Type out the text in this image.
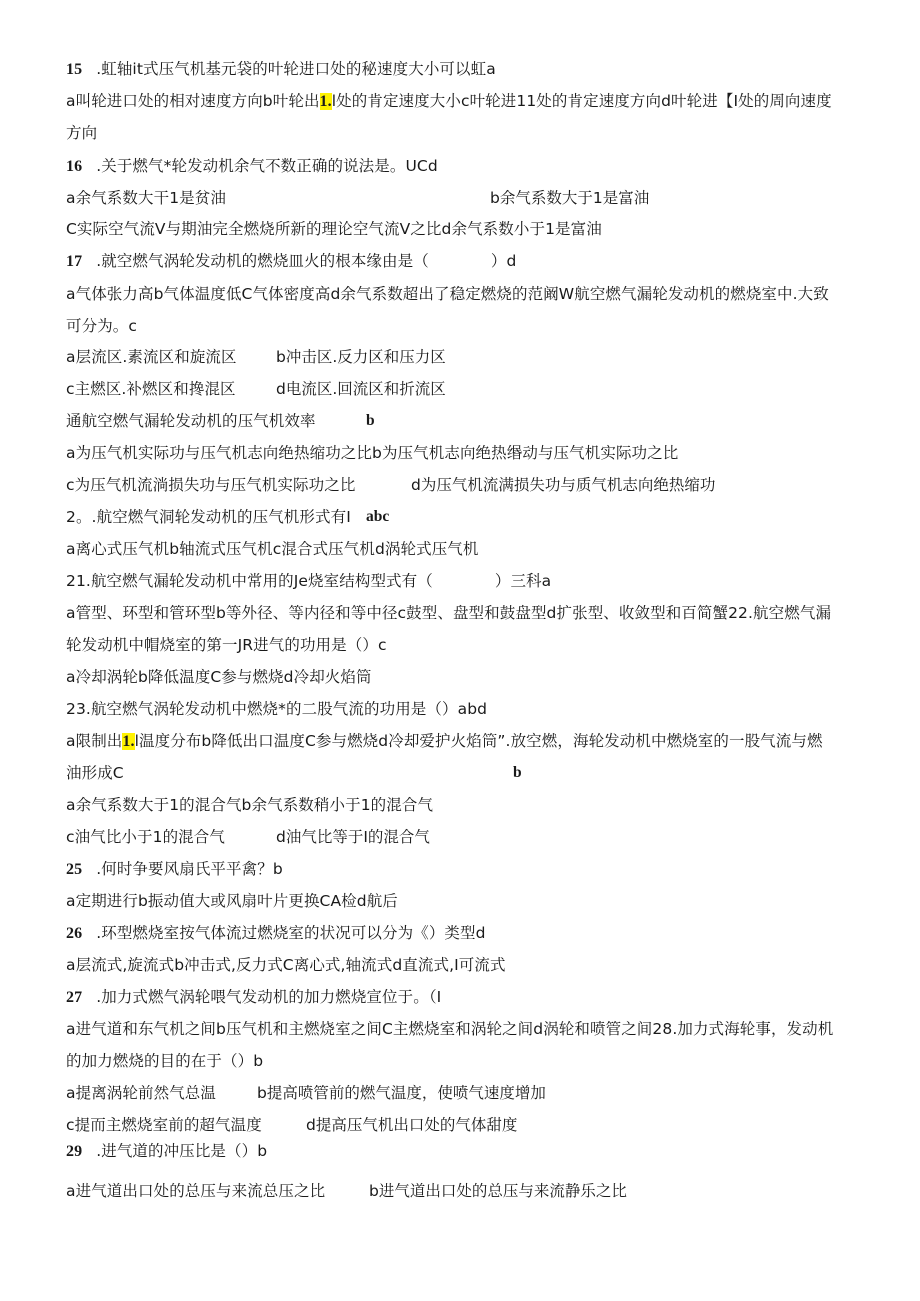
15 .虹轴it式压气机基元袋的叶轮进口处的秘速度大小可以虹a
a叫轮进口处的相对速度方向b叶轮出1.l处的肯定速度大小c叶轮进11处的肯定速度方向d叶轮进【I处的周向速度
方向
16 .关于燃气*轮发动机余气不数正确的说法是。UCd
a余气系数大干1是贫油	b余气系数大于1是富油
C实际空气流V与期油完全燃烧所新的理论空气流V之比d余气系数小于1是富油
17 .就空燃气涡轮发动机的燃烧皿火的根本缘由是（	）d
a气体张力高b气体温度低C气体密度高d余气系数超出了稳定燃烧的范阚W航空燃气漏轮发动机的燃烧室中.大致
可分为。c
a层流区.素流区和旋流区	b冲击区.反力区和压力区
c主燃区.补燃区和搀混区	d电流区.回流区和折流区
通航空燃气漏轮发动机的压气机效率	b
a为压气机实际功与压气机志向绝热缩功之比b为压气机志向绝热缗动与压气机实际功之比
c为压气机流淌损失功与压气机实际功之比	d为压气机流满损失功与质气机志向绝热缩功
2。.航空燃气洞轮发动机的压气机形式有I abc
a离心式压气机b轴流式压气机c混合式压气机d涡轮式压气机
21.航空燃气漏轮发动机中常用的Je烧室结构型式有（	）三科a
a管型、环型和管环型b等外径、等内径和等中径c鼓型、盘型和鼓盘型d扩张型、收敛型和百简蟹22.航空燃气漏
轮发动机中帽烧室的第一JR进气的功用是（）c
a冷却涡轮b降低温度C参与燃烧d冷却火焰筒
23.航空燃气涡轮发动机中燃烧*的二股气流的功用是（）abd
a限制出1.l温度分布b降低出口温度C参与燃烧d冷却爱护火焰筒”.放空燃，海轮发动机中燃烧室的一股气流与燃
油形成C	b
a余气系数大于1的混合气b余气系数稍小于1的混合气
c油气比小于1的混合气	d油气比等于I的混合气
25 .何时争要风扇氏平平禽？b
a定期进行b振动值大或风扇叶片更换CA检d航后
26 .环型燃烧室按气体流过燃烧室的状况可以分为《）类型d
a层流式,旋流式b冲击式,反力式C离心式,轴流式d直流式,I可流式
27 .加力式燃气涡轮喂气发动机的加力燃烧宣位于。（I
a进气道和东气机之间b压气机和主燃烧室之间C主燃烧室和涡轮之间d涡轮和喷管之间28.加力式海轮事，发动机
的加力燃烧的目的在于（）b
a提离涡轮前然气总温	b提高喷管前的燃气温度，使喷气速度增加
c提而主燃烧室前的超气温度	d提高压气机出口处的气体甜度
29 .进气道的冲压比是（）b
a进气道出口处的总压与来流总压之比	b进气道出口处的总压与来流静乐之比
